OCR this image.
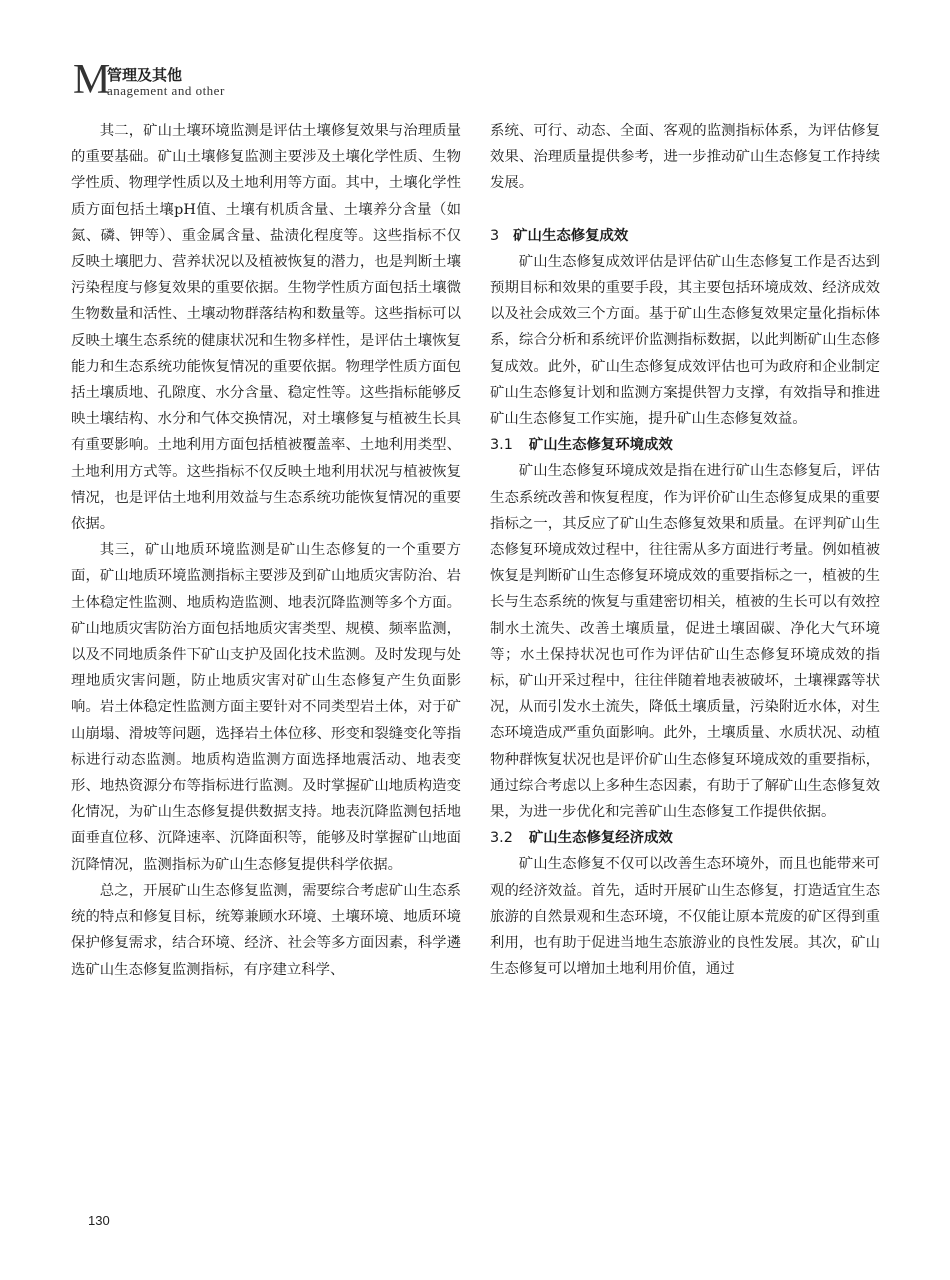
M
管理及其他
anagement and other

其二，矿山土壤环境监测是评估土壤修复效果与治理质量的重要基础。矿山土壤修复监测主要涉及土壤化学性质、生物学性质、物理学性质以及土地利用等方面。其中，土壤化学性质方面包括土壤pH值、土壤有机质含量、土壤养分含量（如氮、磷、钾等）、重金属含量、盐渍化程度等。这些指标不仅反映土壤肥力、营养状况以及植被恢复的潜力，也是判断土壤污染程度与修复效果的重要依据。生物学性质方面包括土壤微生物数量和活性、土壤动物群落结构和数量等。这些指标可以反映土壤生态系统的健康状况和生物多样性，是评估土壤恢复能力和生态系统功能恢复情况的重要依据。物理学性质方面包括土壤质地、孔隙度、水分含量、稳定性等。这些指标能够反映土壤结构、水分和气体交换情况，对土壤修复与植被生长具有重要影响。土地利用方面包括植被覆盖率、土地利用类型、土地利用方式等。这些指标不仅反映土地利用状况与植被恢复情况，也是评估土地利用效益与生态系统功能恢复情况的重要依据。

其三，矿山地质环境监测是矿山生态修复的一个重要方面，矿山地质环境监测指标主要涉及到矿山地质灾害防治、岩土体稳定性监测、地质构造监测、地表沉降监测等多个方面。矿山地质灾害防治方面包括地质灾害类型、规模、频率监测，以及不同地质条件下矿山支护及固化技术监测。及时发现与处理地质灾害问题，防止地质灾害对矿山生态修复产生负面影响。岩土体稳定性监测方面主要针对不同类型岩土体，对于矿山崩塌、滑坡等问题，选择岩土体位移、形变和裂缝变化等指标进行动态监测。地质构造监测方面选择地震活动、地表变形、地热资源分布等指标进行监测。及时掌握矿山地质构造变化情况，为矿山生态修复提供数据支持。地表沉降监测包括地面垂直位移、沉降速率、沉降面积等，能够及时掌握矿山地面沉降情况，监测指标为矿山生态修复提供科学依据。

总之，开展矿山生态修复监测，需要综合考虑矿山生态系统的特点和修复目标，统筹兼顾水环境、土壤环境、地质环境保护修复需求，结合环境、经济、社会等多方面因素，科学遴选矿山生态修复监测指标，有序建立科学、

系统、可行、动态、全面、客观的监测指标体系，为评估修复效果、治理质量提供参考，进一步推动矿山生态修复工作持续发展。

3 矿山生态修复成效

矿山生态修复成效评估是评估矿山生态修复工作是否达到预期目标和效果的重要手段，其主要包括环境成效、经济成效以及社会成效三个方面。基于矿山生态修复效果定量化指标体系，综合分析和系统评价监测指标数据，以此判断矿山生态修复成效。此外，矿山生态修复成效评估也可为政府和企业制定矿山生态修复计划和监测方案提供智力支撑，有效指导和推进矿山生态修复工作实施，提升矿山生态修复效益。

3.1 矿山生态修复环境成效

矿山生态修复环境成效是指在进行矿山生态修复后，评估生态系统改善和恢复程度，作为评价矿山生态修复成果的重要指标之一，其反应了矿山生态修复效果和质量。在评判矿山生态修复环境成效过程中，往往需从多方面进行考量。例如植被恢复是判断矿山生态修复环境成效的重要指标之一，植被的生长与生态系统的恢复与重建密切相关，植被的生长可以有效控制水土流失、改善土壤质量，促进土壤固碳、净化大气环境等；水土保持状况也可作为评估矿山生态修复环境成效的指标，矿山开采过程中，往往伴随着地表被破坏，土壤裸露等状况，从而引发水土流失，降低土壤质量，污染附近水体，对生态环境造成严重负面影响。此外，土壤质量、水质状况、动植物种群恢复状况也是评价矿山生态修复环境成效的重要指标，通过综合考虑以上多种生态因素，有助于了解矿山生态修复效果，为进一步优化和完善矿山生态修复工作提供依据。

3.2 矿山生态修复经济成效

矿山生态修复不仅可以改善生态环境外，而且也能带来可观的经济效益。首先，适时开展矿山生态修复，打造适宜生态旅游的自然景观和生态环境，不仅能让原本荒废的矿区得到重利用，也有助于促进当地生态旅游业的良性发展。其次，矿山生态修复可以增加土地利用价值，通过

130
